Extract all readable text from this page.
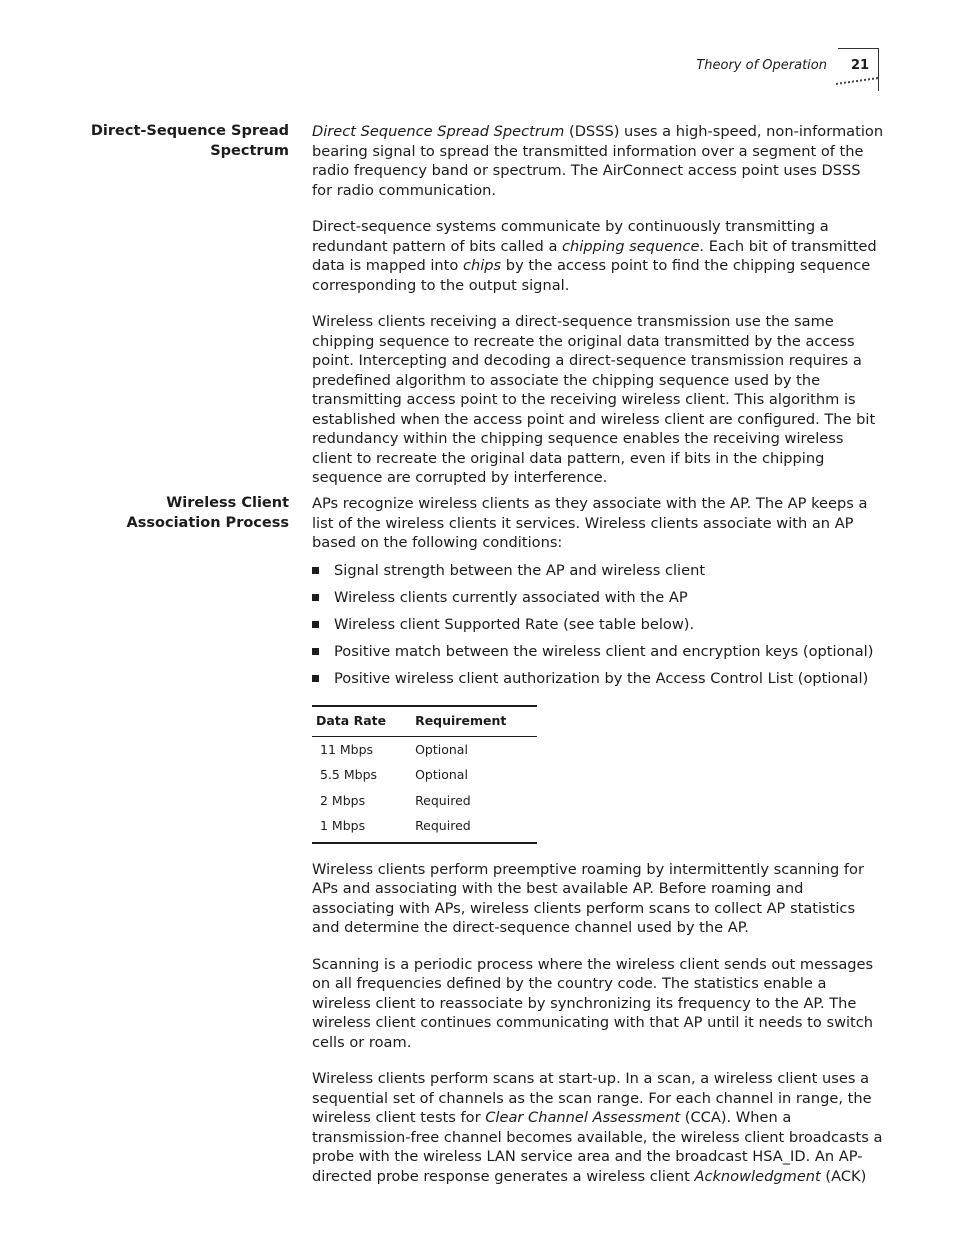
Theory of Operation 21
Direct-Sequence Spread Spectrum

Direct Sequence Spread Spectrum (DSSS) uses a high-speed, non-information bearing signal to spread the transmitted information over a segment of the radio frequency band or spectrum. The AirConnect access point uses DSSS for radio communication.

Direct-sequence systems communicate by continuously transmitting a redundant pattern of bits called a chipping sequence. Each bit of transmitted data is mapped into chips by the access point to find the chipping sequence corresponding to the output signal.

Wireless clients receiving a direct-sequence transmission use the same chipping sequence to recreate the original data transmitted by the access point. Intercepting and decoding a direct-sequence transmission requires a predefined algorithm to associate the chipping sequence used by the transmitting access point to the receiving wireless client. This algorithm is established when the access point and wireless client are configured. The bit redundancy within the chipping sequence enables the receiving wireless client to recreate the original data pattern, even if bits in the chipping sequence are corrupted by interference.

Wireless Client
Association Process

APs recognize wireless clients as they associate with the AP. The AP keeps a list of the wireless clients it services. Wireless clients associate with an AP based on the following conditions:

Signal strength between the AP and wireless client
Wireless clients currently associated with the AP
Wireless client Supported Rate (see table below).
Positive match between the wireless client and encryption keys (optional)
Positive wireless client authorization by the Access Control List (optional)
Data Rate	Requirement
11 Mbps	Optional
5.5 Mbps	Optional
2 Mbps	Required
1 Mbps	Required

Wireless clients perform preemptive roaming by intermittently scanning for APs and associating with the best available AP. Before roaming and associating with APs, wireless clients perform scans to collect AP statistics and determine the direct-sequence channel used by the AP.

Scanning is a periodic process where the wireless client sends out messages on all frequencies defined by the country code. The statistics enable a wireless client to reassociate by synchronizing its frequency to the AP. The wireless client continues communicating with that AP until it needs to switch cells or roam.

Wireless clients perform scans at start-up. In a scan, a wireless client uses a sequential set of channels as the scan range. For each channel in range, the wireless client tests for Clear Channel Assessment (CCA). When a transmission-free channel becomes available, the wireless client broadcasts a probe with the wireless LAN service area and the broadcast HSA_ID. An AP-directed probe response generates a wireless client Acknowledgment (ACK)
